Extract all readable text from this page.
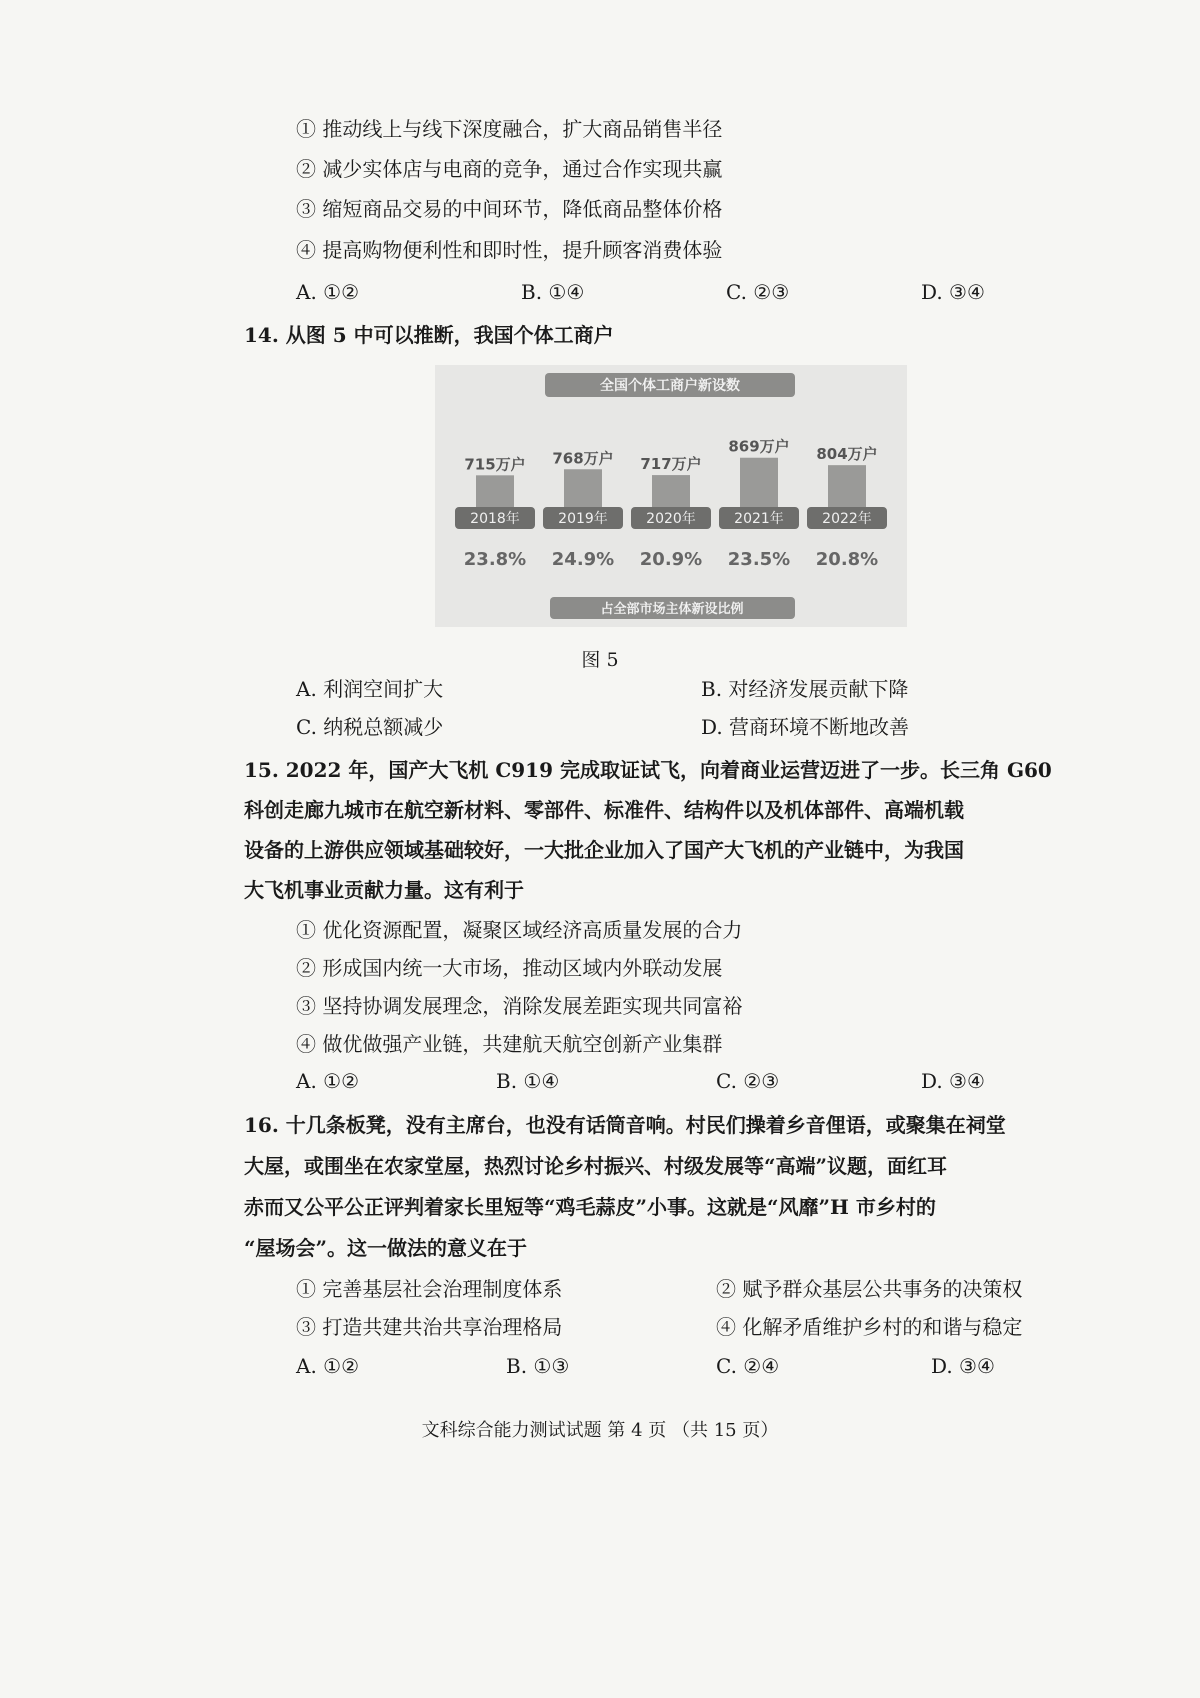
① 推动线上与线下深度融合，扩大商品销售半径
② 减少实体店与电商的竞争，通过合作实现共赢
③ 缩短商品交易的中间环节，降低商品整体价格
④ 提高购物便利性和即时性，提升顾客消费体验
A. ①②	B. ①④	C. ②③	D. ③④
14. 从图 5 中可以推断，我国个体工商户
全国个体工商户新设数
715万户
2018年
23.8%
768万户
2019年
24.9%
717万户
2020年
20.9%
869万户
2021年
23.5%
804万户
2022年
20.8%
占全部市场主体新设比例
图 5
A. 利润空间扩大	B. 对经济发展贡献下降
C. 纳税总额减少	D. 营商环境不断地改善
15. 2022 年，国产大飞机 C919 完成取证试飞，向着商业运营迈进了一步。长三角 G60
科创走廊九城市在航空新材料、零部件、标准件、结构件以及机体部件、高端机载
设备的上游供应领域基础较好，一大批企业加入了国产大飞机的产业链中，为我国
大飞机事业贡献力量。这有利于
① 优化资源配置，凝聚区域经济高质量发展的合力
② 形成国内统一大市场，推动区域内外联动发展
③ 坚持协调发展理念，消除发展差距实现共同富裕
④ 做优做强产业链，共建航天航空创新产业集群
A. ①②	B. ①④	C. ②③	D. ③④
16. 十几条板凳，没有主席台，也没有话筒音响。村民们操着乡音俚语，或聚集在祠堂
大屋，或围坐在农家堂屋，热烈讨论乡村振兴、村级发展等“高端”议题，面红耳
赤而又公平公正评判着家长里短等“鸡毛蒜皮”小事。这就是“风靡”H 市乡村的
“屋场会”。这一做法的意义在于
① 完善基层社会治理制度体系	② 赋予群众基层公共事务的决策权
③ 打造共建共治共享治理格局	④ 化解矛盾维护乡村的和谐与稳定
A. ①②	B. ①③	C. ②④	D. ③④
文科综合能力测试试题 第 4 页 （共 15 页）
